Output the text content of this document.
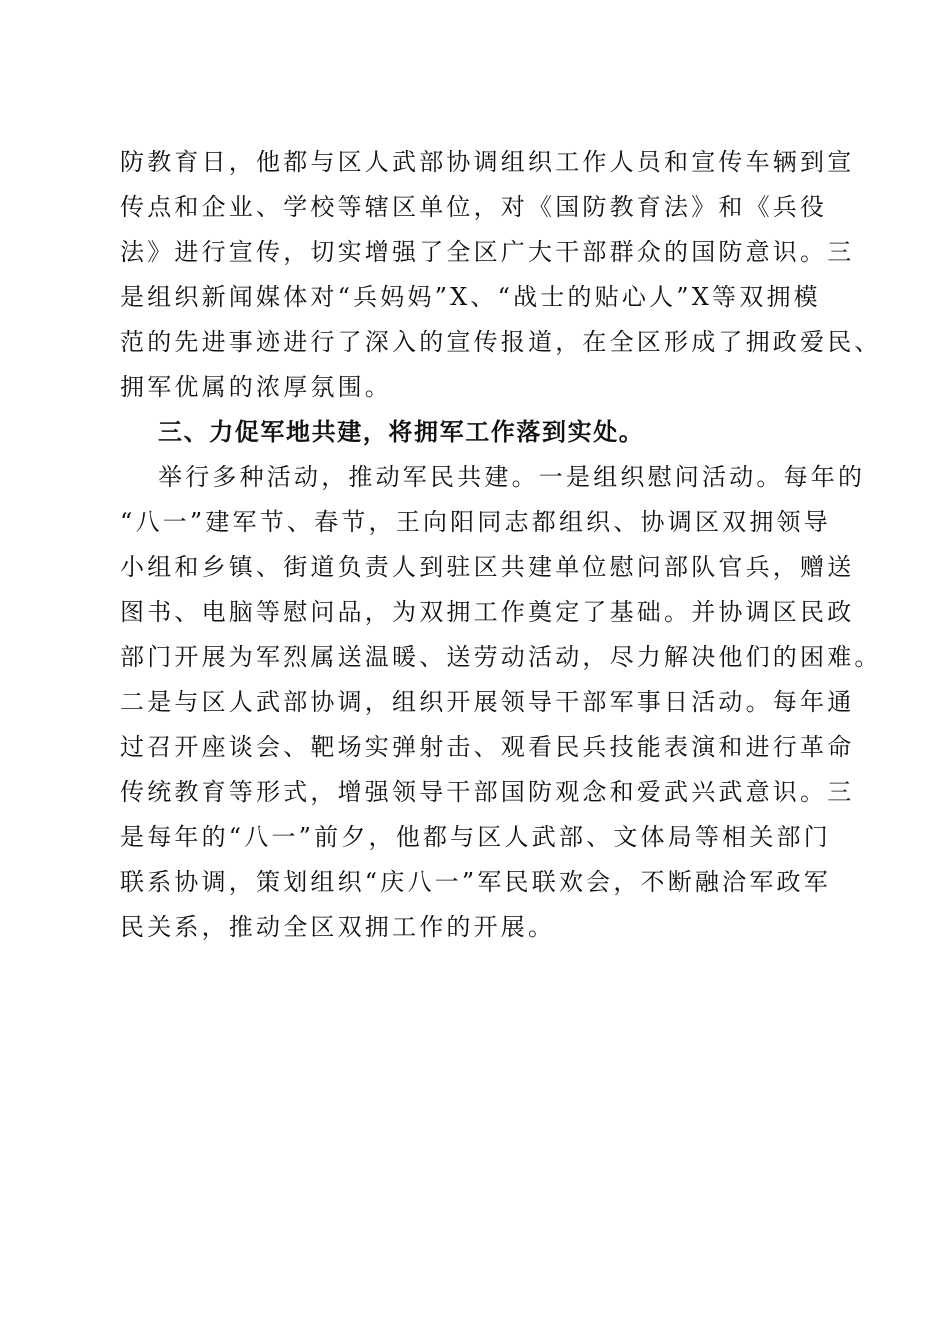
防教育日，他都与区人武部协调组织工作人员和宣传车辆到宣
传点和企业、学校等辖区单位，对《国防教育法》和《兵役
法》进行宣传，切实增强了全区广大干部群众的国防意识。三
是组织新闻媒体对“兵妈妈”X、“战士的贴心人”X等双拥模
范的先进事迹进行了深入的宣传报道，在全区形成了拥政爱民、
拥军优属的浓厚氛围。
三、力促军地共建，将拥军工作落到实处。
举行多种活动，推动军民共建。一是组织慰问活动。每年的
“八一”建军节、春节，王向阳同志都组织、协调区双拥领导
小组和乡镇、街道负责人到驻区共建单位慰问部队官兵，赠送
图书、电脑等慰问品，为双拥工作奠定了基础。并协调区民政
部门开展为军烈属送温暖、送劳动活动，尽力解决他们的困难。
二是与区人武部协调，组织开展领导干部军事日活动。每年通
过召开座谈会、靶场实弹射击、观看民兵技能表演和进行革命
传统教育等形式，增强领导干部国防观念和爱武兴武意识。三
是每年的“八一”前夕，他都与区人武部、文体局等相关部门
联系协调，策划组织“庆八一”军民联欢会，不断融洽军政军
民关系，推动全区双拥工作的开展。
